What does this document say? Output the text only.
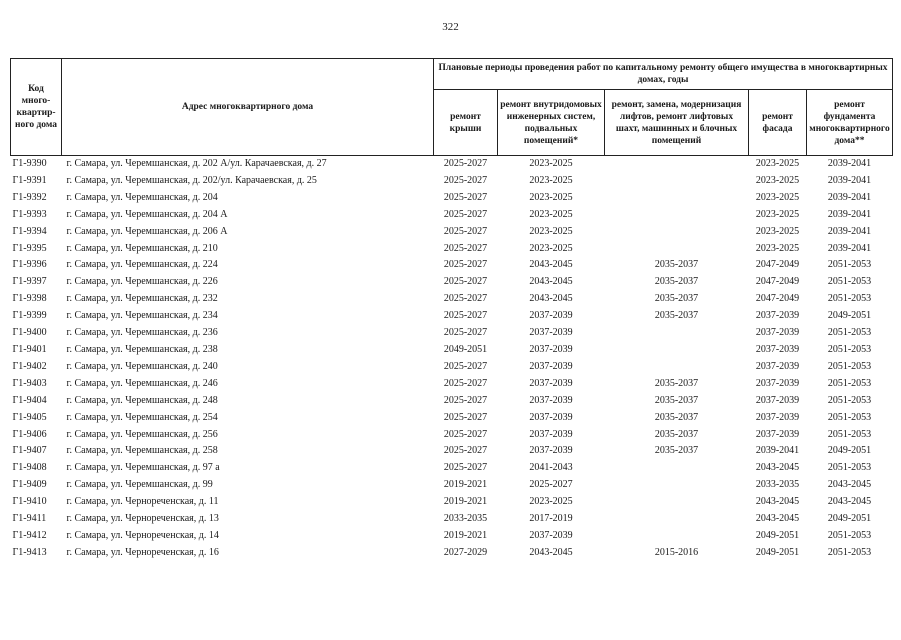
322
Код много-квартир-ного дома	Адрес многоквартирного дома	Плановые периоды проведения работ по капитальному ремонту общего имущества в многоквартирных домах, годы				
		ремонт крыши	ремонт внутридомовых инженерных систем, подвальных помещений*	ремонт, замена, модернизация лифтов, ремонт лифтовых шахт, машинных и блочных помещений	ремонт фасада	ремонт фундамента многоквартирного дома**
Г1-9390	г. Самара, ул. Черемшанская, д. 202 А/ул. Карачаевская, д. 27	2025-2027	2023-2025		2023-2025	2039-2041
Г1-9391	г. Самара, ул. Черемшанская, д. 202/ул. Карачаевская, д. 25	2025-2027	2023-2025		2023-2025	2039-2041
Г1-9392	г. Самара, ул. Черемшанская, д. 204	2025-2027	2023-2025		2023-2025	2039-2041
Г1-9393	г. Самара, ул. Черемшанская, д. 204 А	2025-2027	2023-2025		2023-2025	2039-2041
Г1-9394	г. Самара, ул. Черемшанская, д. 206 А	2025-2027	2023-2025		2023-2025	2039-2041
Г1-9395	г. Самара, ул. Черемшанская, д. 210	2025-2027	2023-2025		2023-2025	2039-2041
Г1-9396	г. Самара, ул. Черемшанская, д. 224	2025-2027	2043-2045	2035-2037	2047-2049	2051-2053
Г1-9397	г. Самара, ул. Черемшанская, д. 226	2025-2027	2043-2045	2035-2037	2047-2049	2051-2053
Г1-9398	г. Самара, ул. Черемшанская, д. 232	2025-2027	2043-2045	2035-2037	2047-2049	2051-2053
Г1-9399	г. Самара, ул. Черемшанская, д. 234	2025-2027	2037-2039	2035-2037	2037-2039	2049-2051
Г1-9400	г. Самара, ул. Черемшанская, д. 236	2025-2027	2037-2039		2037-2039	2051-2053
Г1-9401	г. Самара, ул. Черемшанская, д. 238	2049-2051	2037-2039		2037-2039	2051-2053
Г1-9402	г. Самара, ул. Черемшанская, д. 240	2025-2027	2037-2039		2037-2039	2051-2053
Г1-9403	г. Самара, ул. Черемшанская, д. 246	2025-2027	2037-2039	2035-2037	2037-2039	2051-2053
Г1-9404	г. Самара, ул. Черемшанская, д. 248	2025-2027	2037-2039	2035-2037	2037-2039	2051-2053
Г1-9405	г. Самара, ул. Черемшанская, д. 254	2025-2027	2037-2039	2035-2037	2037-2039	2051-2053
Г1-9406	г. Самара, ул. Черемшанская, д. 256	2025-2027	2037-2039	2035-2037	2037-2039	2051-2053
Г1-9407	г. Самара, ул. Черемшанская, д. 258	2025-2027	2037-2039	2035-2037	2039-2041	2049-2051
Г1-9408	г. Самара, ул. Черемшанская, д. 97 а	2025-2027	2041-2043		2043-2045	2051-2053
Г1-9409	г. Самара, ул. Черемшанская, д. 99	2019-2021	2025-2027		2033-2035	2043-2045
Г1-9410	г. Самара, ул. Чернореченская, д. 11	2019-2021	2023-2025		2043-2045	2043-2045
Г1-9411	г. Самара, ул. Чернореченская, д. 13	2033-2035	2017-2019		2043-2045	2049-2051
Г1-9412	г. Самара, ул. Чернореченская, д. 14	2019-2021	2037-2039		2049-2051	2051-2053
Г1-9413	г. Самара, ул. Чернореченская, д. 16	2027-2029	2043-2045	2015-2016	2049-2051	2051-2053
